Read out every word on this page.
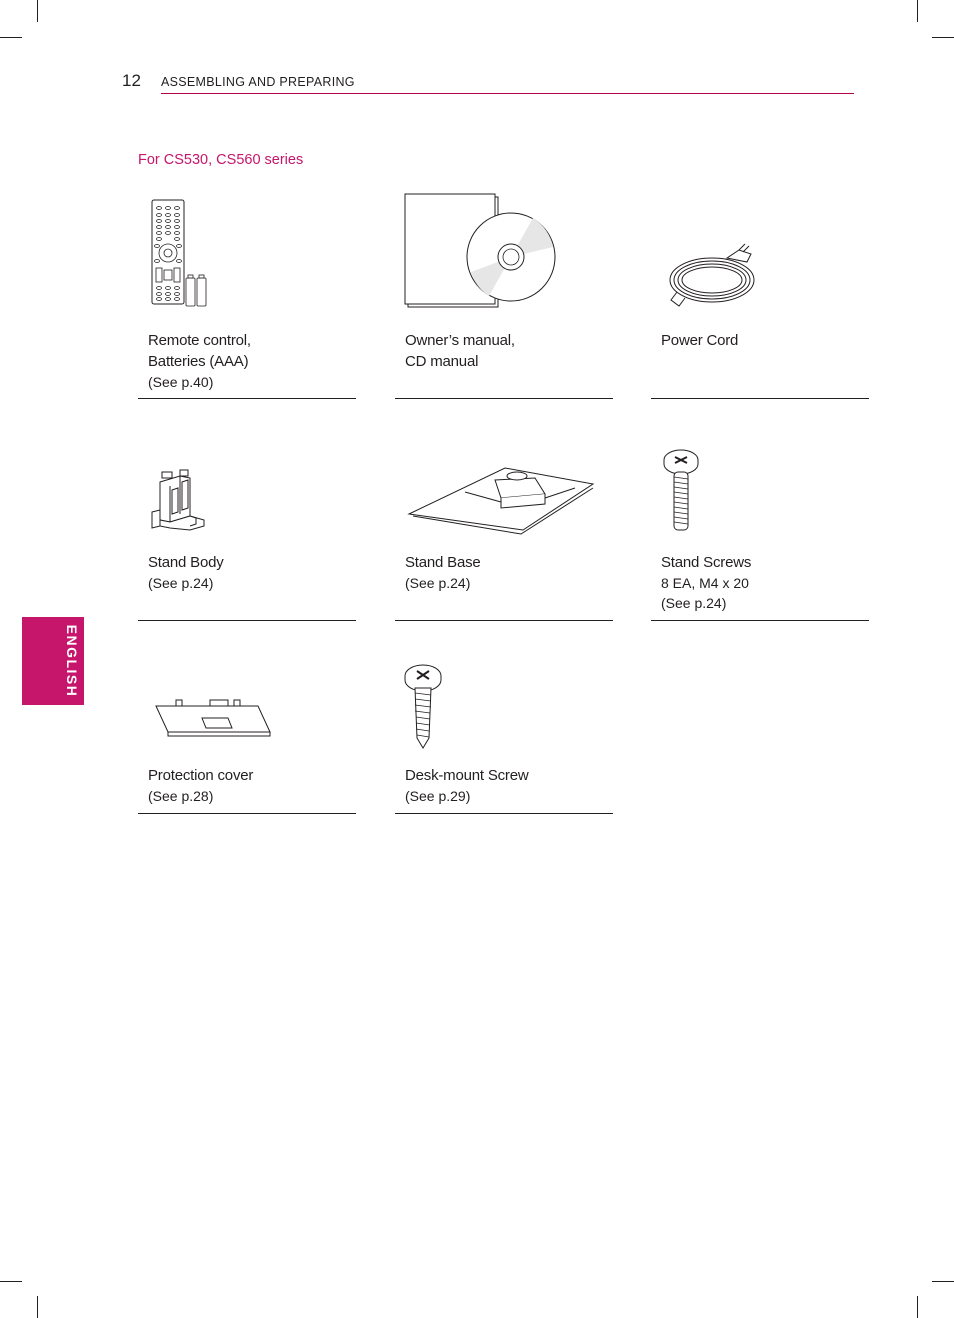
12 ASSEMBLING AND PREPARING
For CS530, CS560 series
ENGLISH
Remote control,
Batteries (AAA)
(See p.40)
Owner’s manual,
CD manual
Power Cord
Stand Body
(See p.24)
Stand Base
(See p.24)
Stand Screws
8 EA, M4 x 20
(See p.24)
Protection cover
(See p.28)
Desk-mount Screw
(See p.29)
